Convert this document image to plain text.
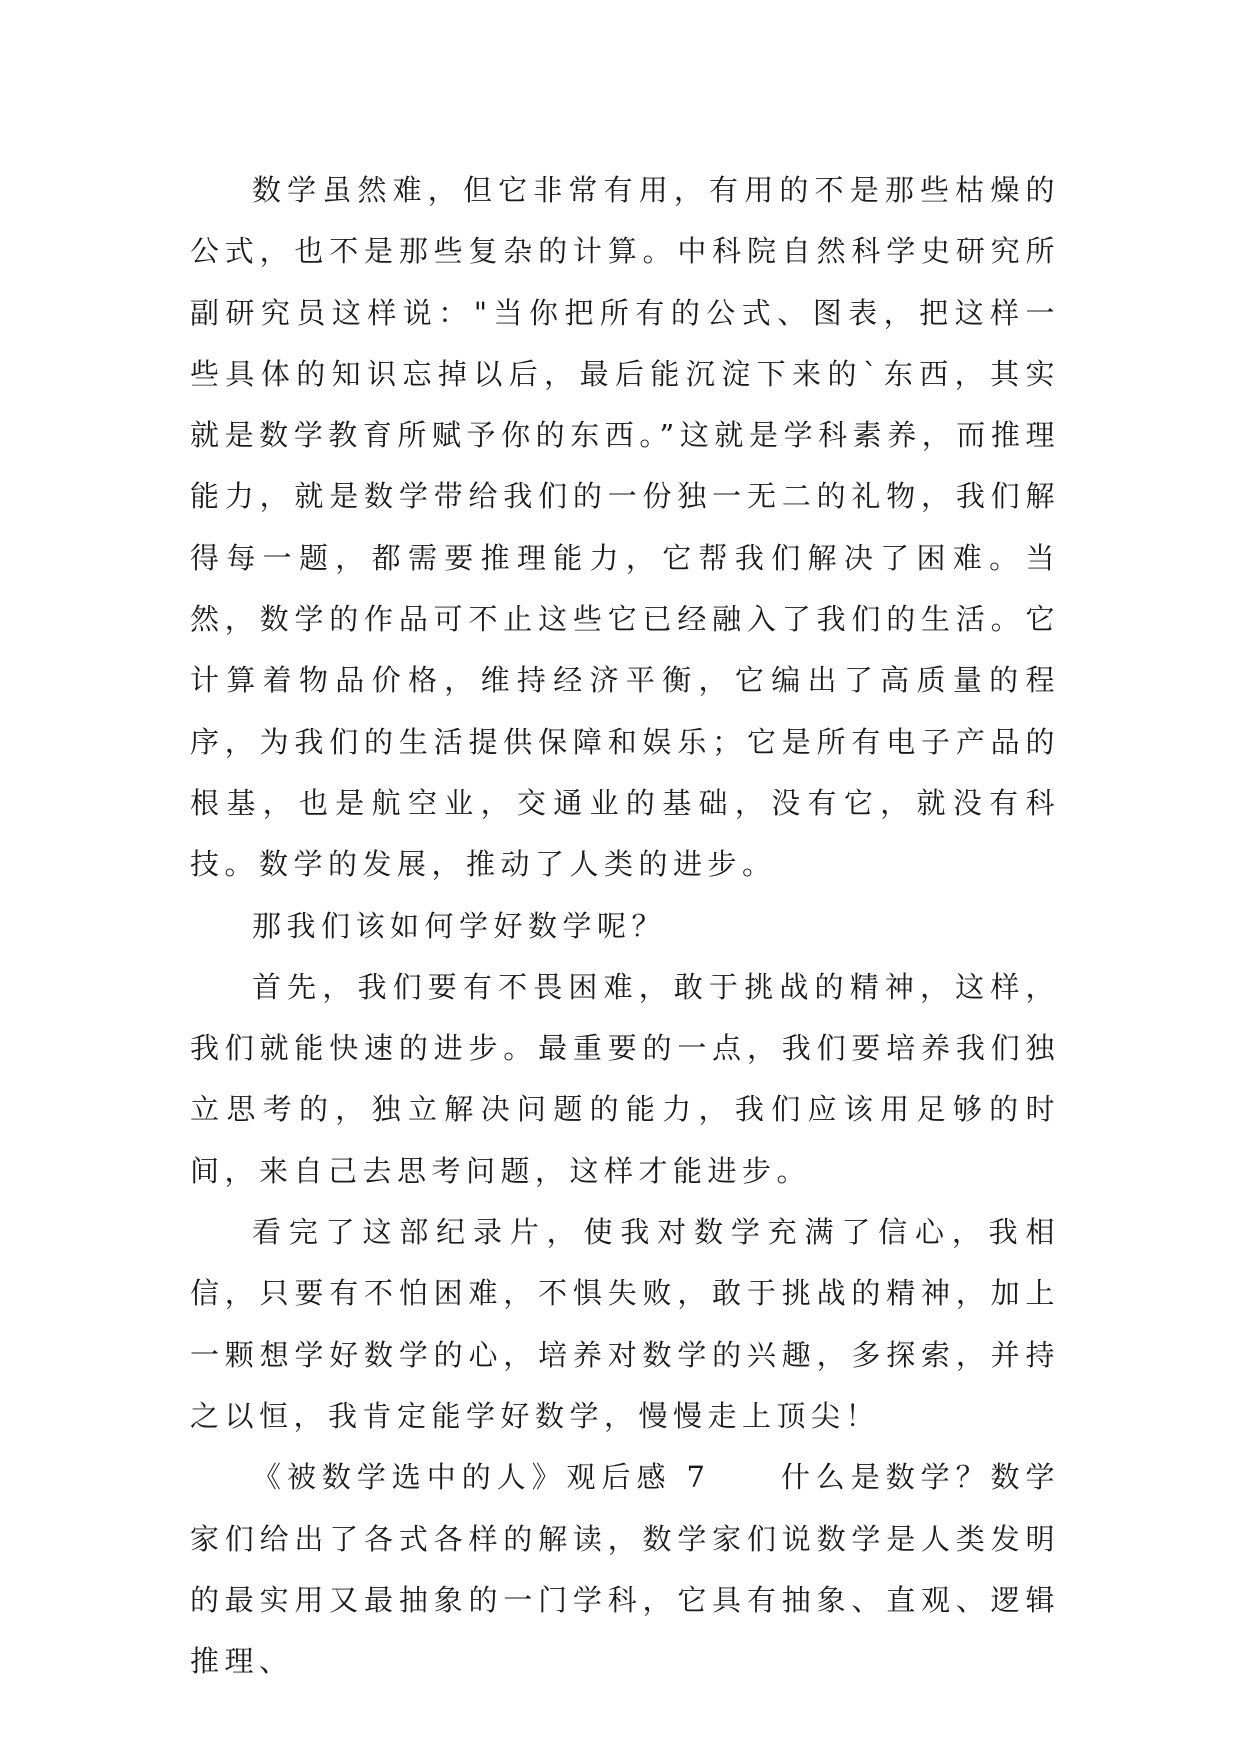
数学虽然难，但它非常有用，有用的不是那些枯燥的公式，也不是那些复杂的计算。中科院自然科学史研究所副研究员这样说："当你把所有的公式、图表，把这样一些具体的知识忘掉以后，最后能沉淀下来的`东西，其实就是数学教育所赋予你的东西。”这就是学科素养，而推理能力，就是数学带给我们的一份独一无二的礼物，我们解得每一题，都需要推理能力，它帮我们解决了困难。当然，数学的作品可不止这些它已经融入了我们的生活。它计算着物品价格，维持经济平衡，它编出了高质量的程序，为我们的生活提供保障和娱乐；它是所有电子产品的根基，也是航空业，交通业的基础，没有它，就没有科技。数学的发展，推动了人类的进步。

那我们该如何学好数学呢？

首先，我们要有不畏困难，敢于挑战的精神，这样，我们就能快速的进步。最重要的一点，我们要培养我们独立思考的，独立解决问题的能力，我们应该用足够的时间，来自己去思考问题，这样才能进步。

看完了这部纪录片，使我对数学充满了信心，我相信，只要有不怕困难，不惧失败，敢于挑战的精神，加上一颗想学好数学的心，培养对数学的兴趣，多探索，并持之以恒，我肯定能学好数学，慢慢走上顶尖！

《被数学选中的人》观后感 7　　什么是数学？数学家们给出了各式各样的解读，数学家们说数学是人类发明的最实用又最抽象的一门学科，它具有抽象、直观、逻辑推理、
